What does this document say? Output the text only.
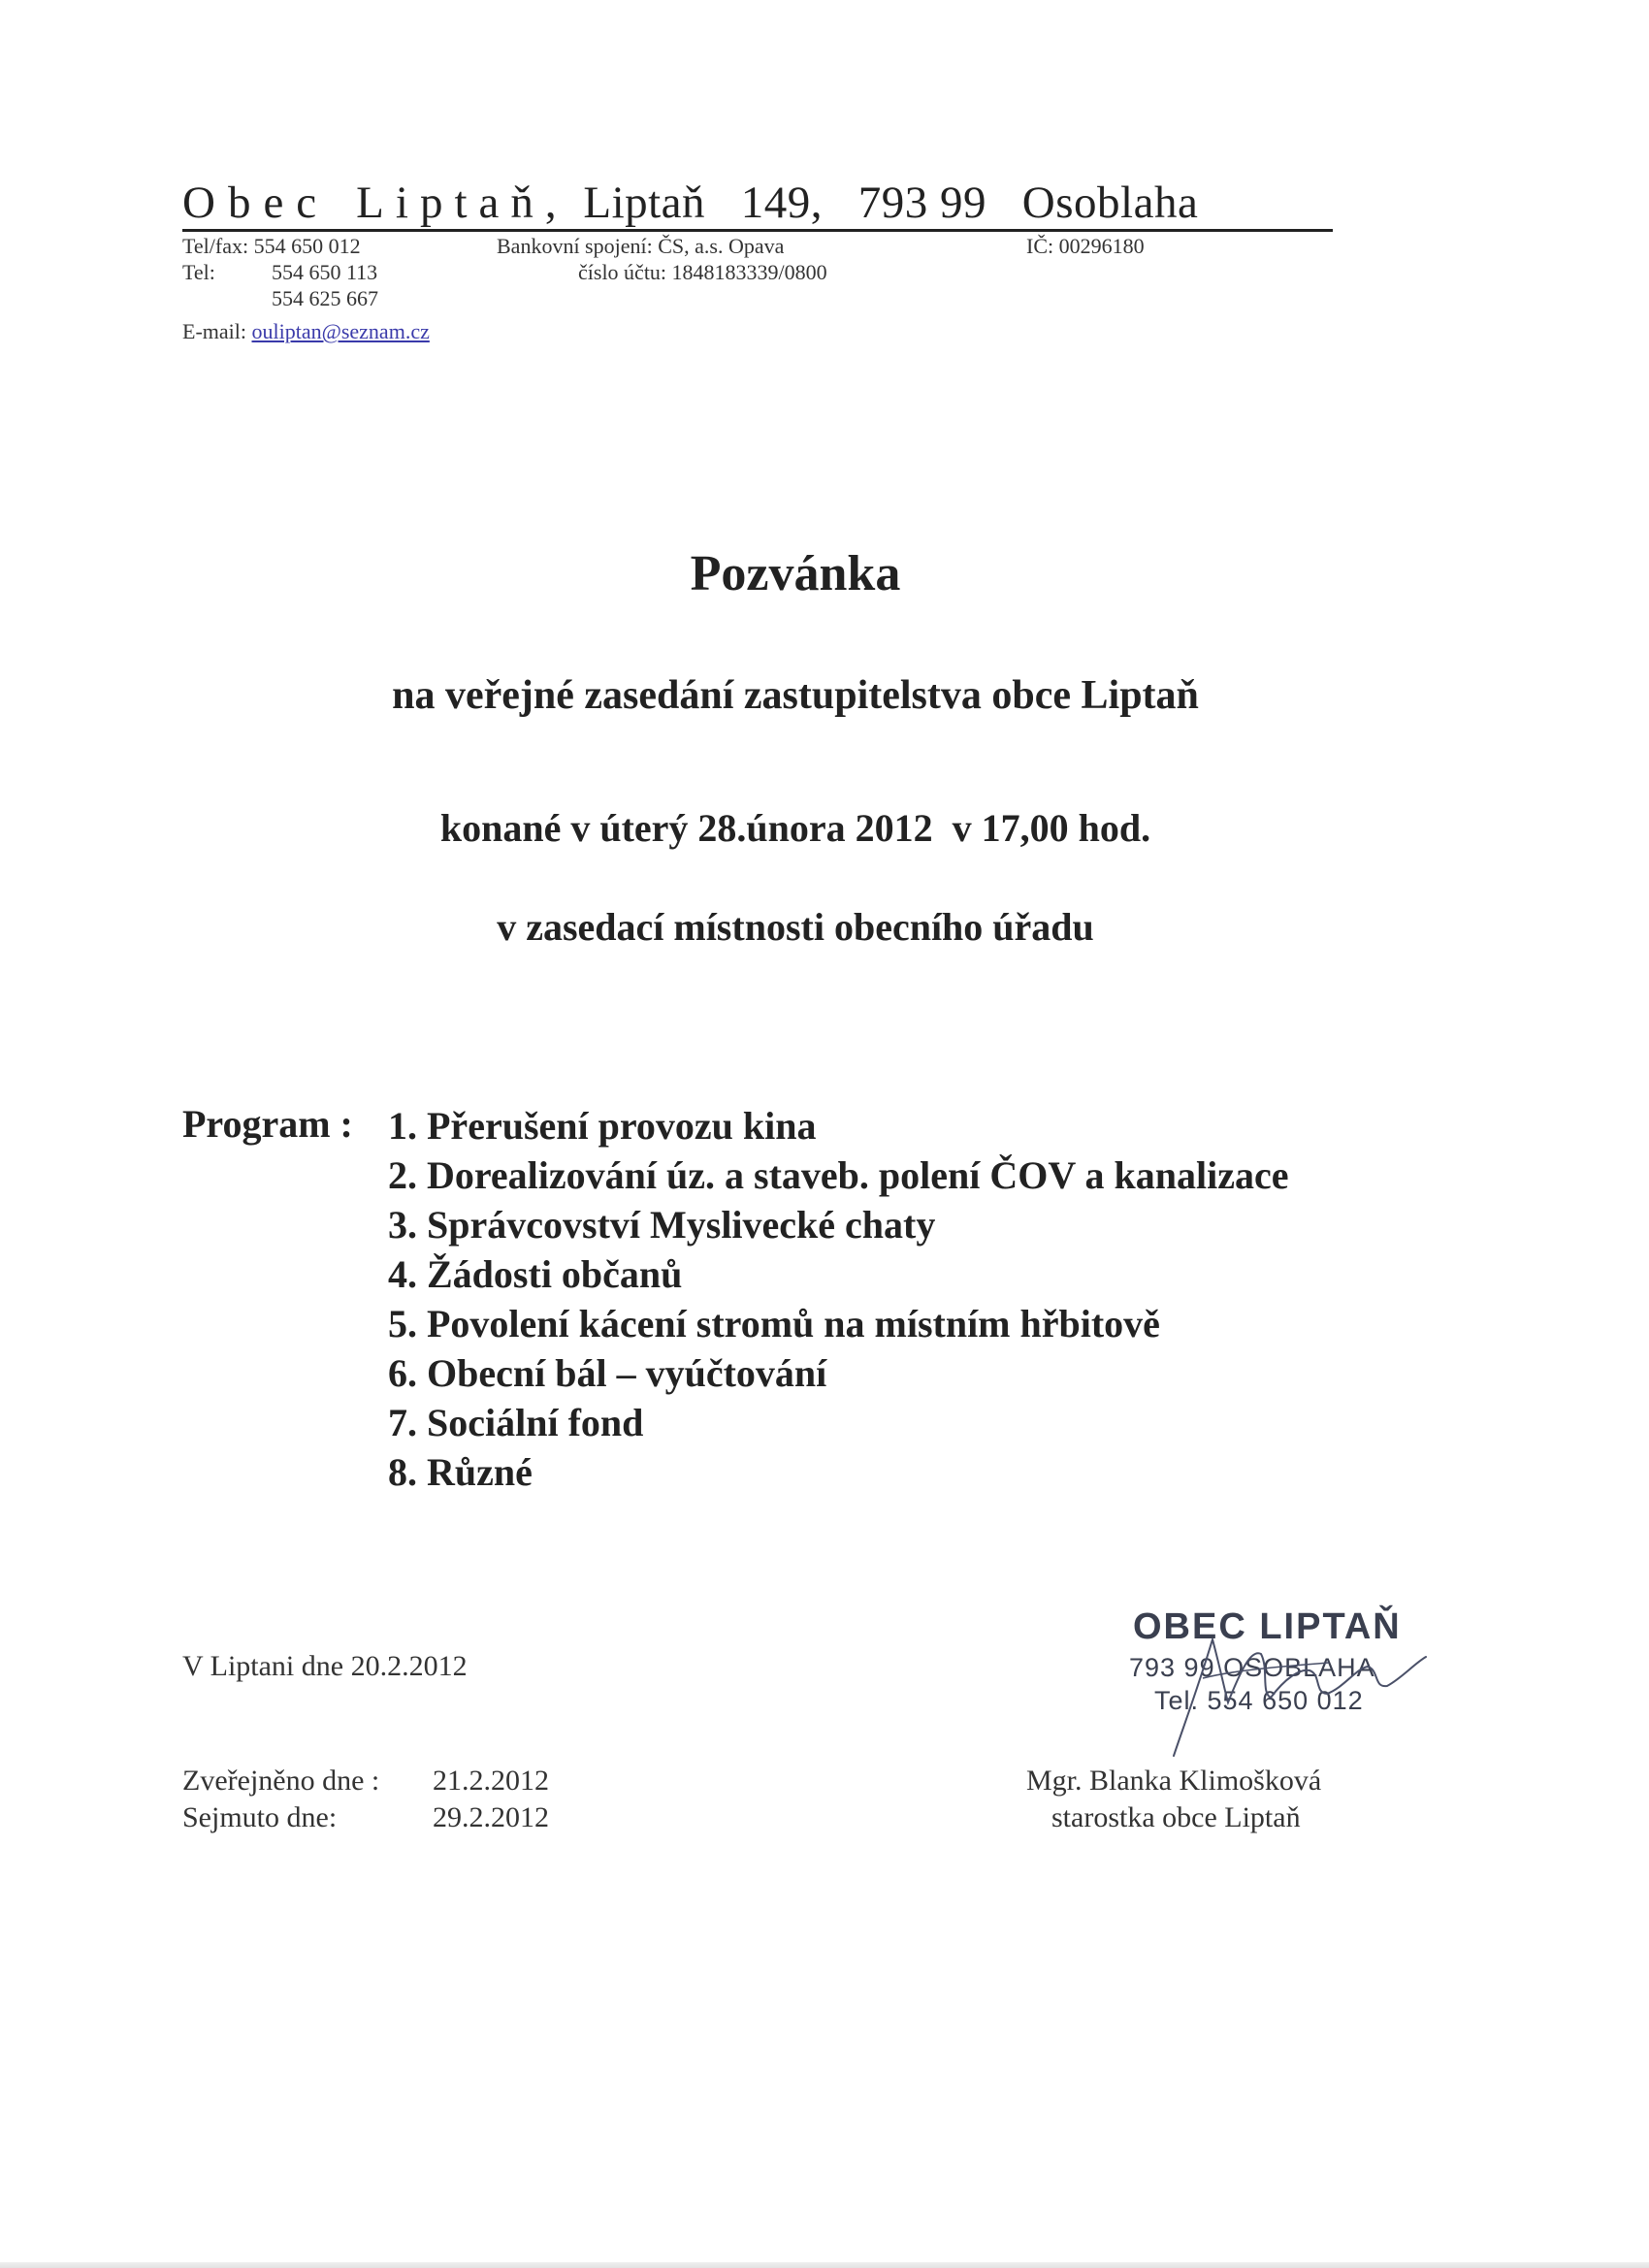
Obec Liptaň, Liptaň   149,   793 99   Osoblaha
Tel/fax: 554 650 012
Tel:	554 650 113
554 625 667
E-mail: ouliptan@seznam.cz
Bankovní spojení: ČS, a.s. Opava
číslo účtu: 1848183339/0800
IČ: 00296180
Pozvánka
na veřejné zasedání zastupitelstva obce Liptaň
konané v úterý 28.února 2012  v 17,00 hod.
v zasedací místnosti obecního úřadu
Program : 1. Přerušení provozu kina
2. Dorealizování úz. a staveb. polení ČOV a kanalizace
3. Správcovství Myslivecké chaty
4. Žádosti občanů
5. Povolení kácení stromů na místním hřbitově
6. Obecní bál – vyúčtování
7. Sociální fond
8. Různé
V Liptani dne 20.2.2012
Zveřejněno dne : 21.2.2012
Sejmuto dne:	29.2.2012
Mgr. Blanka Klimošková
starostka obce Liptaň
OBEC LIPTAŇ
793 99 OSOBLAHA
Tel. 554 650 012
